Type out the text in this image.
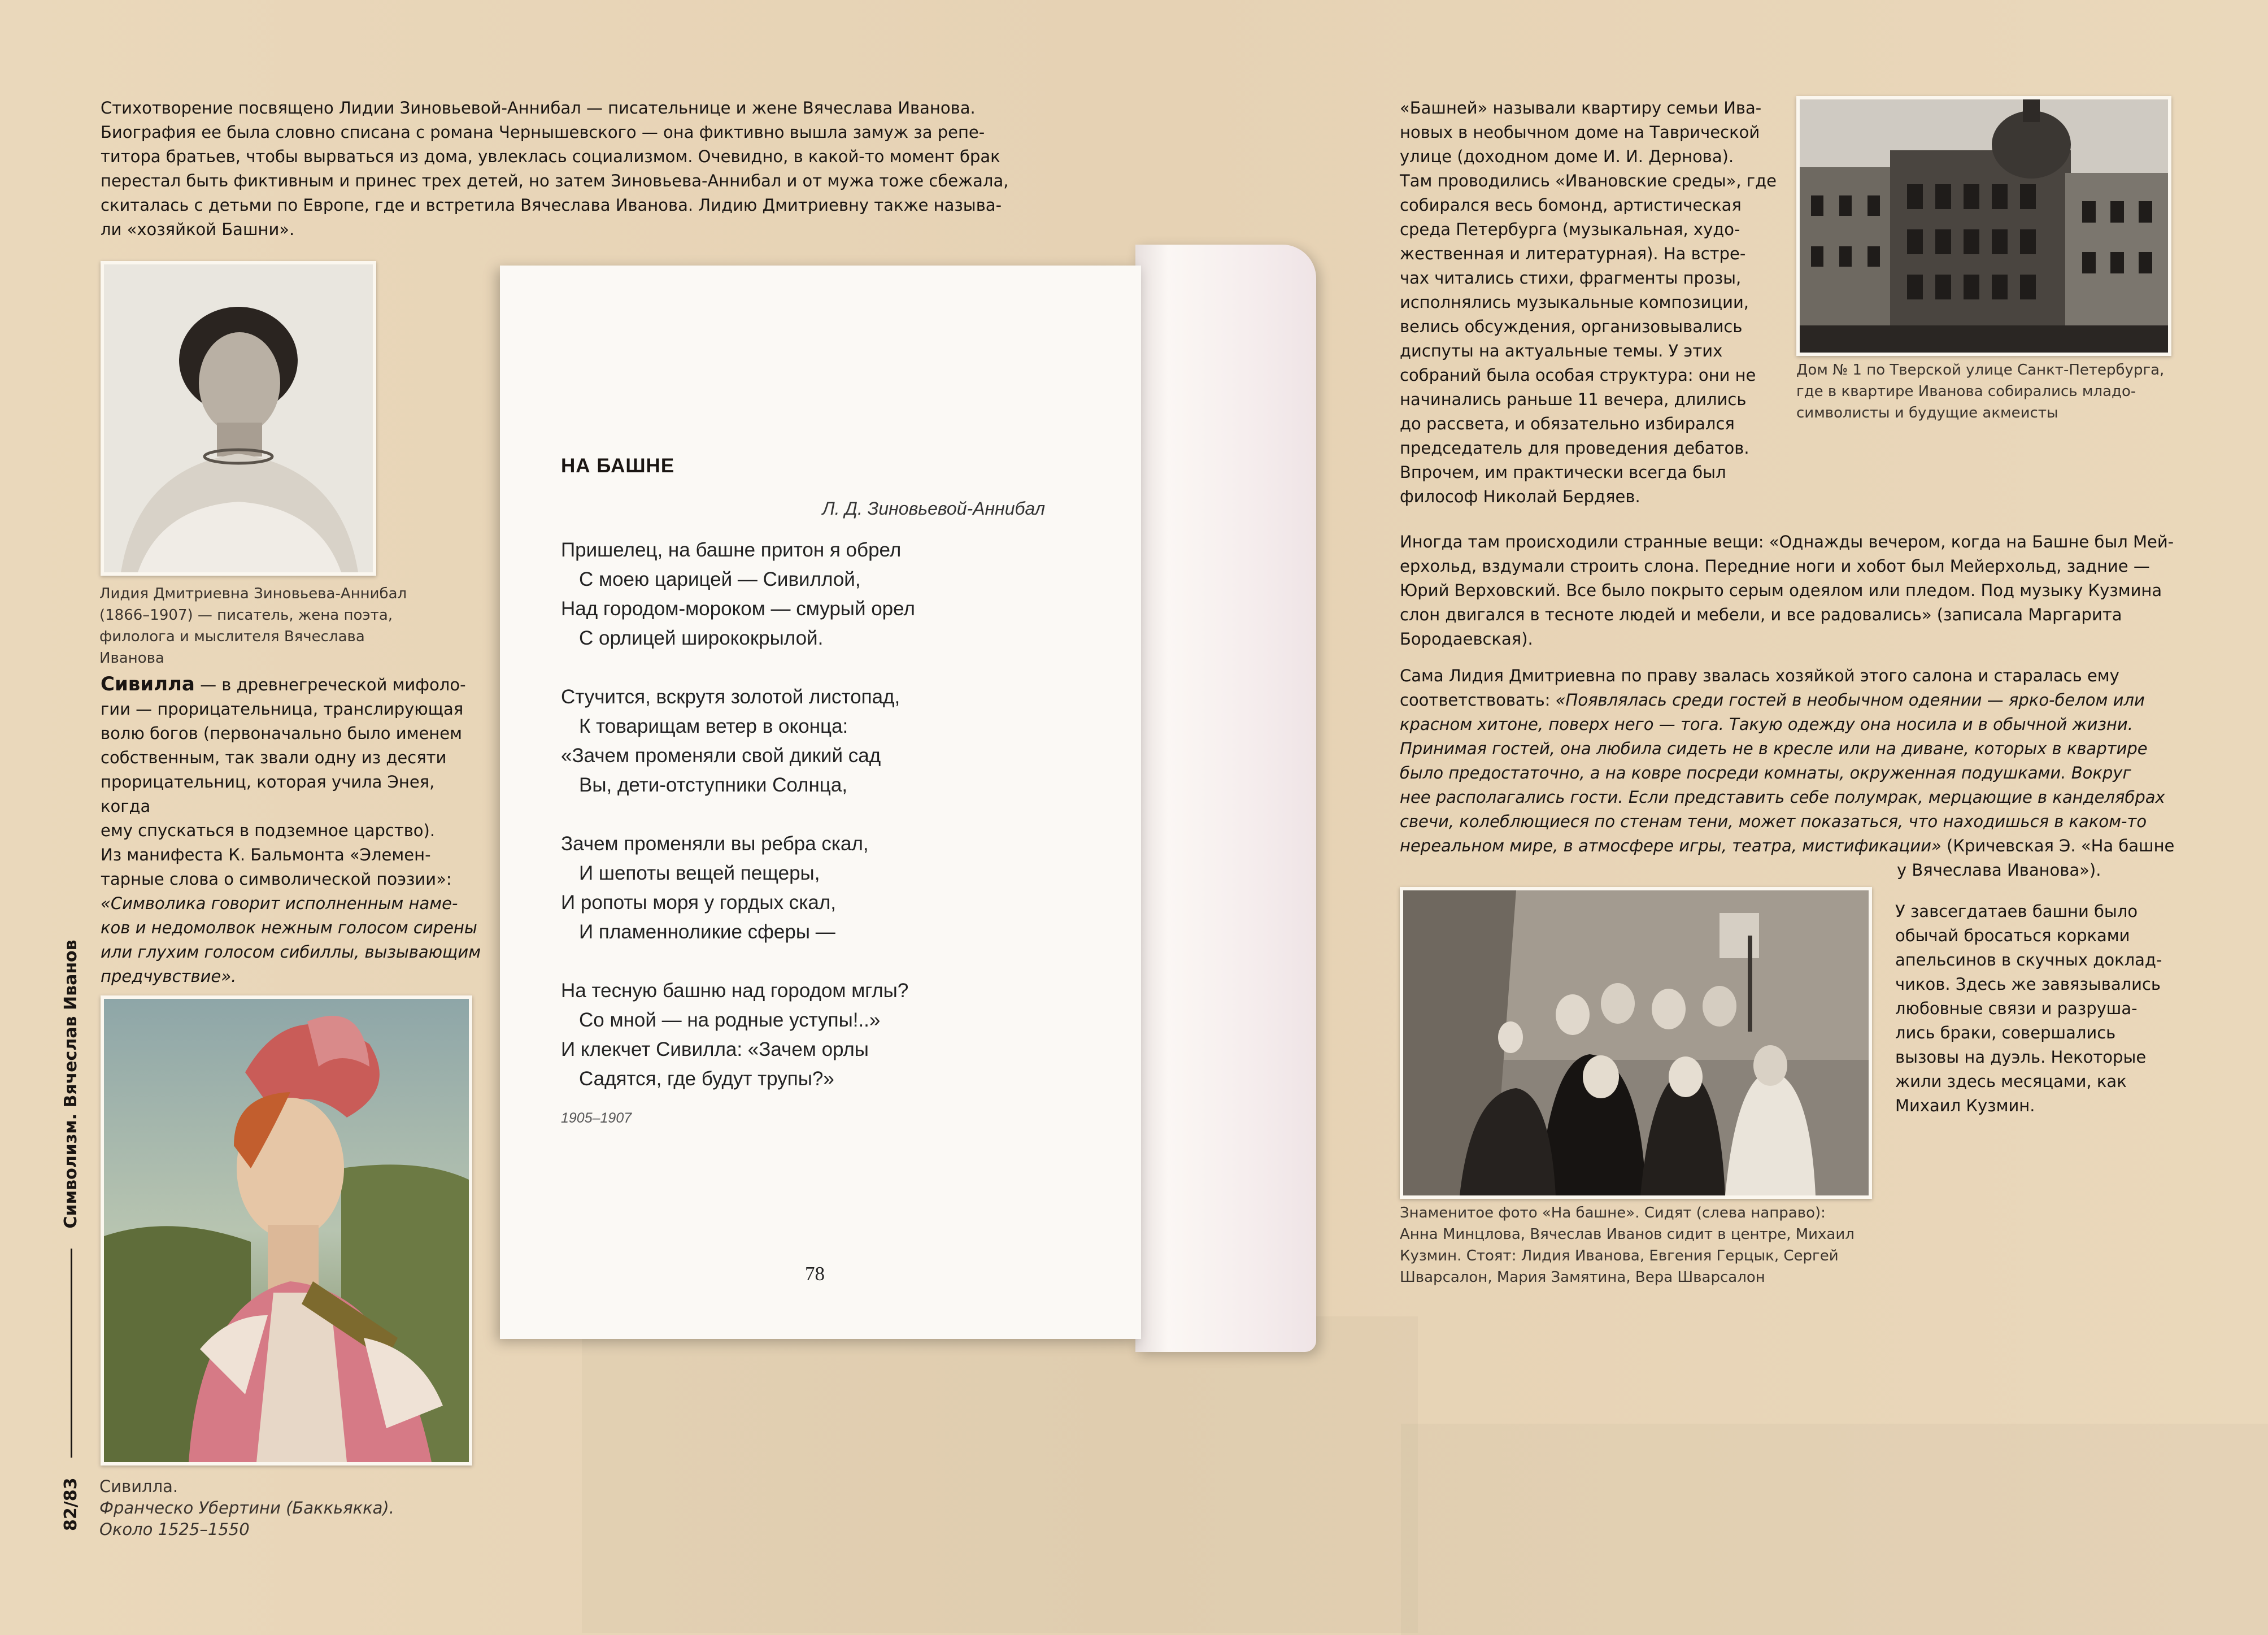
Стихотворение посвящено Лидии Зиновьевой-Аннибал — писательнице и жене Вячеслава Иванова.
Биография ее была словно списана с романа Чернышевского — она фиктивно вышла замуж за репе-
титора братьев, чтобы вырваться из дома, увлеклась социализмом. Очевидно, в какой-то момент брак
перестал быть фиктивным и принес трех детей, но затем Зиновьева-Аннибал и от мужа тоже сбежала,
скиталась с детьми по Европе, где и встретила Вячеслава Иванова. Лидию Дмитриевну также называ-
ли «хозяйкой Башни».
Лидия Дмитриевна Зиновьева-Аннибал
(1866–1907) — писатель, жена поэта,
филолога и мыслителя Вячеслава Иванова
Сивилла — в древнегреческой мифоло-
гии — прорицательница, транслирующая
волю богов (первоначально было именем
собственным, так звали одну из десяти
прорицательниц, которая учила Энея, когда
ему спускаться в подземное царство).
Из манифеста К. Бальмонта «Элемен-
тарные слова о символической поэзии»:
«Символика говорит исполненным наме-
ков и недомолвок нежным голосом сирены
или глухим голосом сибиллы, вызывающим
предчувствие».
Сивилла.
Франческо Убертини (Баккьякка).
Около 1525–1550
82/83  Символизм. Вячеслав Иванов
НА БАШНЕ
Л. Д. Зиновьевой-Аннибал
Пришелец, на башне притон я обрел
С моею царицей — Сивиллой,
Над городом-мороком — смурый орел
С орлицей ширококрылой.
Стучится, вскрутя золотой листопад,
К товарищам ветер в оконца:
«Зачем променяли свой дикий сад
Вы, дети-отступники Солнца,
Зачем променяли вы ребра скал,
И шепоты вещей пещеры,
И ропоты моря у гордых скал,
И пламенноликие сферы —
На тесную башню над городом мглы?
Со мной — на родные уступы!..»
И клекчет Сивилла: «Зачем орлы
Садятся, где будут трупы?»
1905–1907
78
«Башней» называли квартиру семьи Ива-
новых в необычном доме на Таврической
улице (доходном доме И. И. Дернова).
Там проводились «Ивановские среды», где
собирался весь бомонд, артистическая
среда Петербурга (музыкальная, худо-
жественная и литературная). На встре-
чах читались стихи, фрагменты прозы,
исполнялись музыкальные композиции,
велись обсуждения, организовывались
диспуты на актуальные темы. У этих
собраний была особая структура: они не
начинались раньше 11 вечера, длились
до рассвета, и обязательно избирался
председатель для проведения дебатов.
Впрочем, им практически всегда был
философ Николай Бердяев.
Дом № 1 по Тверской улице Санкт-Петербурга,
где в квартире Иванова собирались младо-
символисты и будущие акмеисты
Иногда там происходили странные вещи: «Однажды вечером, когда на Башне был Мей-
ерхольд, вздумали строить слона. Передние ноги и хобот был Мейерхольд, задние —
Юрий Верховский. Все было покрыто серым одеялом или пледом. Под музыку Кузмина
слон двигался в тесноте людей и мебели, и все радовались» (записала Маргарита
Бородаевская).
Сама Лидия Дмитриевна по праву звалась хозяйкой этого салона и старалась ему
соответствовать: «Появлялась среди гостей в необычном одеянии — ярко-белом или
красном хитоне, поверх него — тога. Такую одежду она носила и в обычной жизни.
Принимая гостей, она любила сидеть не в кресле или на диване, которых в квартире
было предостаточно, а на ковре посреди комнаты, окруженная подушками. Вокруг
нее располагались гости. Если представить себе полумрак, мерцающие в канделябрах
свечи, колеблющиеся по стенам тени, может показаться, что находишься в каком-то
нереальном мире, в атмосфере игры, театра, мистификации» (Кричевская Э. «На башне
у Вячеслава Иванова»).
Знаменитое фото «На башне». Сидят (слева направо):
Анна Минцлова, Вячеслав Иванов сидит в центре, Михаил
Кузмин. Стоят: Лидия Иванова, Евгения Герцык, Сергей
Шварсалон, Мария Замятина, Вера Шварсалон
У завсегдатаев башни было
обычай бросаться корками
апельсинов в скучных доклад-
чиков. Здесь же завязывались
любовные связи и разруша-
лись браки, совершались
вызовы на дуэль. Некоторые
жили здесь месяцами, как
Михаил Кузмин.
